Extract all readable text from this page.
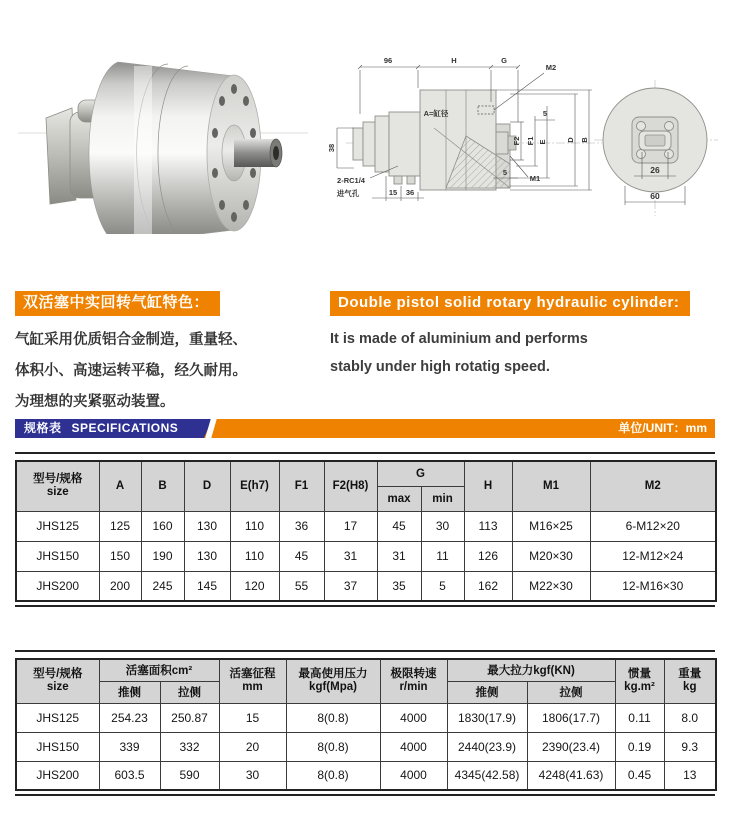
96	H	G
M2
A=缸径	5
F2 F1 E	D B
5
M1
38
15 36
2-RC1/4
进气孔
26
60
双活塞中实回转气缸特色：
气缸采用优质铝合金制造，重量轻、
体积小、高速运转平稳，经久耐用。
为理想的夹紧驱动装置。
Double pistol solid rotary hydraulic cylinder:
It is made of aluminium and performs
stably under high rotatig speed.
规格表 SPECIFICATIONS	单位/UNIT：mm
型号/规格
size	A	B	D	E(h7)	F1	F2(H8)	G		H	M1	M2
							max	min			
JHS125	125	160	130	110	36	17	45	30	113	M16×25	6-M12×20
JHS150	150	190	130	110	45	31	31	11	126	M20×30	12-M12×24
JHS200	200	245	145	120	55	37	35	5	162	M22×30	12-M16×30
型号/规格
size	活塞面积cm²		活塞征程
mm	最高使用压力
kgf(Mpa)	极限转速
r/min	最大拉力kgf(KN)		惯量
kg.m²	重量
kg

	推侧	拉侧				推侧	拉侧		
JHS125	254.23	250.87	15	8(0.8)	4000	1830(17.9)	1806(17.7)	0.11	8.0
JHS150	339	332	20	8(0.8)	4000	2440(23.9)	2390(23.4)	0.19	9.3
JHS200	603.5	590	30	8(0.8)	4000	4345(42.58)	4248(41.63)	0.45	13
